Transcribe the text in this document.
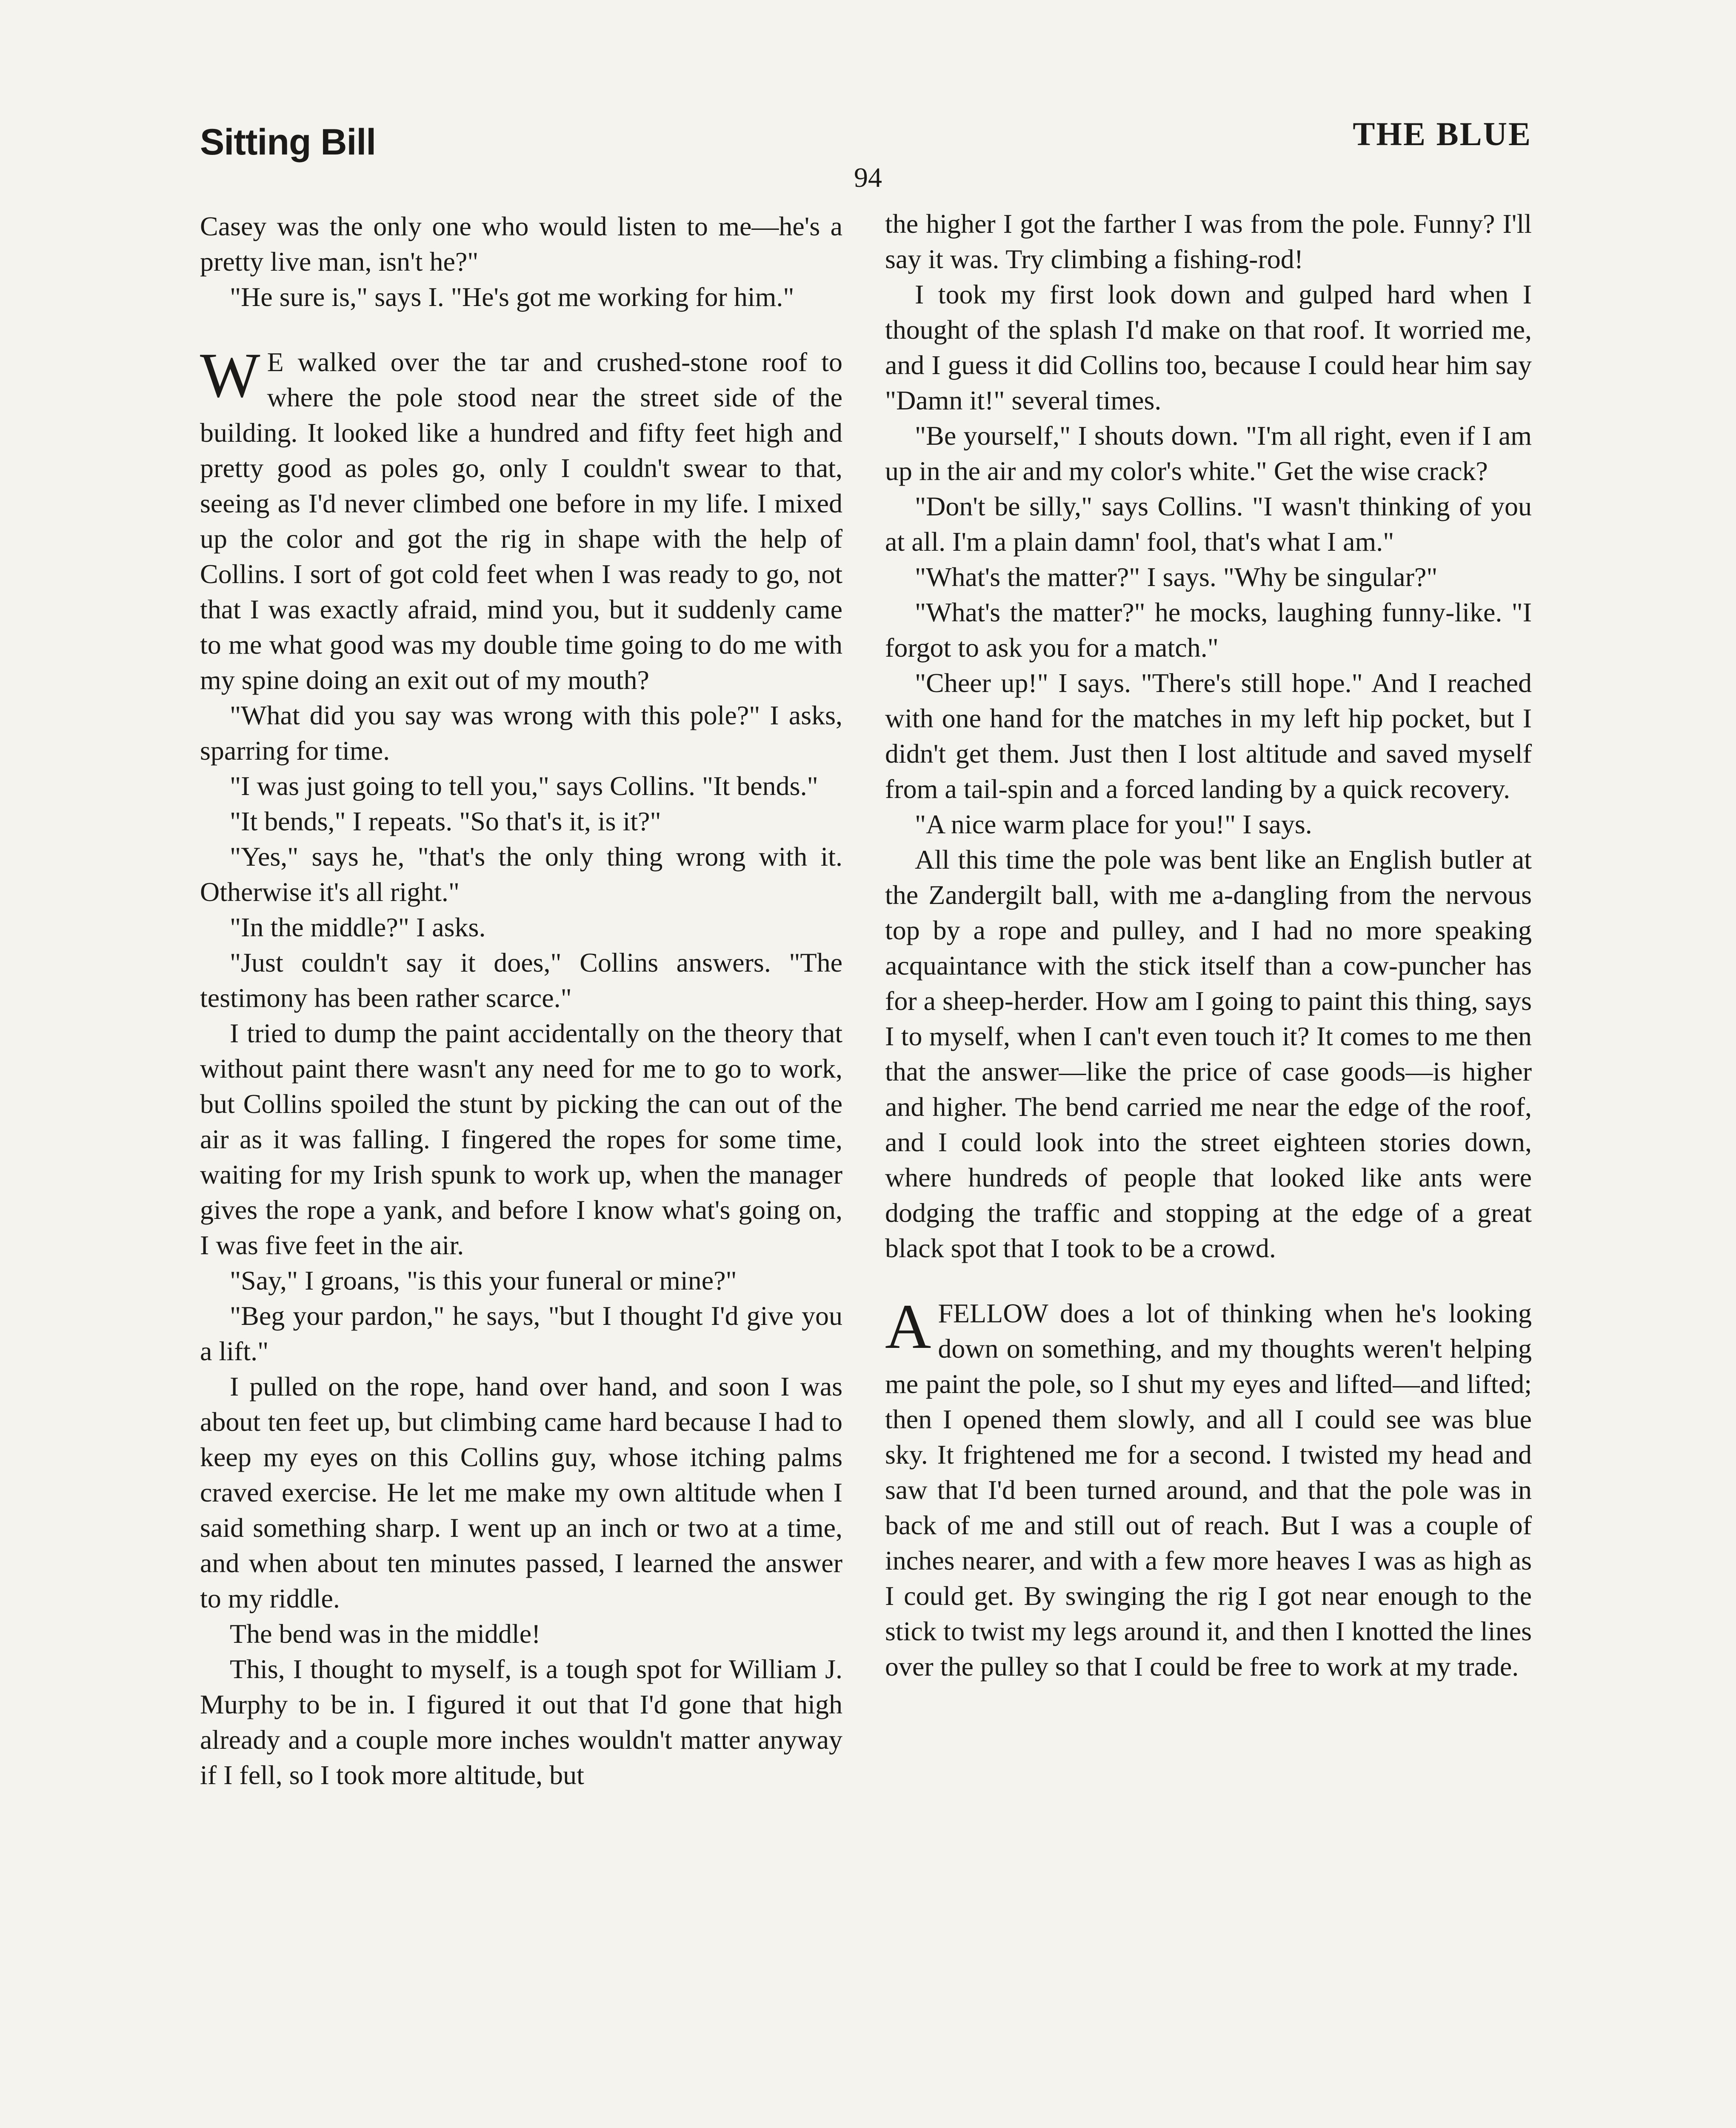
Sitting Bill	THE BLUE
94

Casey was the only one who would listen to me—he's a pretty live man, isn't he?"

"He sure is," says I. "He's got me working for him."

W E walked over the tar and crushed-stone roof to where the pole stood near the street side of the building. It looked like a hundred and fifty feet high and pretty good as poles go, only I couldn't swear to that, seeing as I'd never climbed one before in my life. I mixed up the color and got the rig in shape with the help of Collins. I sort of got cold feet when I was ready to go, not that I was exactly afraid, mind you, but it suddenly came to me what good was my double time going to do me with my spine doing an exit out of my mouth?

"What did you say was wrong with this pole?" I asks, sparring for time.

"I was just going to tell you," says Collins. "It bends."

"It bends," I repeats. "So that's it, is it?"

"Yes," says he, "that's the only thing wrong with it. Otherwise it's all right."

"In the middle?" I asks.

"Just couldn't say it does," Collins answers. "The testimony has been rather scarce."

I tried to dump the paint accidentally on the theory that without paint there wasn't any need for me to go to work, but Collins spoiled the stunt by picking the can out of the air as it was falling. I fingered the ropes for some time, waiting for my Irish spunk to work up, when the manager gives the rope a yank, and before I know what's going on, I was five feet in the air.

"Say," I groans, "is this your funeral or mine?"

"Beg your pardon," he says, "but I thought I'd give you a lift."

I pulled on the rope, hand over hand, and soon I was about ten feet up, but climbing came hard because I had to keep my eyes on this Collins guy, whose itching palms craved exercise. He let me make my own altitude when I said something sharp. I went up an inch or two at a time, and when about ten minutes passed, I learned the answer to my riddle.

The bend was in the middle!

This, I thought to myself, is a tough spot for William J. Murphy to be in. I figured it out that I'd gone that high already and a couple more inches wouldn't matter anyway if I fell, so I took more altitude, but

the higher I got the farther I was from the pole. Funny? I'll say it was. Try climbing a fishing-rod!

I took my first look down and gulped hard when I thought of the splash I'd make on that roof. It worried me, and I guess it did Collins too, because I could hear him say "Damn it!" several times.

"Be yourself," I shouts down. "I'm all right, even if I am up in the air and my color's white." Get the wise crack?

"Don't be silly," says Collins. "I wasn't thinking of you at all. I'm a plain damn' fool, that's what I am."

"What's the matter?" I says. "Why be singular?"

"What's the matter?" he mocks, laughing funny-like. "I forgot to ask you for a match."

"Cheer up!" I says. "There's still hope." And I reached with one hand for the matches in my left hip pocket, but I didn't get them. Just then I lost altitude and saved myself from a tail-spin and a forced landing by a quick recovery.

"A nice warm place for you!" I says.

All this time the pole was bent like an English butler at the Zandergilt ball, with me a-dangling from the nervous top by a rope and pulley, and I had no more speaking acquaintance with the stick itself than a cow-puncher has for a sheep-herder. How am I going to paint this thing, says I to myself, when I can't even touch it? It comes to me then that the answer—like the price of case goods—is higher and higher. The bend carried me near the edge of the roof, and I could look into the street eighteen stories down, where hundreds of people that looked like ants were dodging the traffic and stopping at the edge of a great black spot that I took to be a crowd.

AFELLOW does a lot of thinking when he's looking down on something, and my thoughts weren't helping me paint the pole, so I shut my eyes and lifted—and lifted; then I opened them slowly, and all I could see was blue sky. It frightened me for a second. I twisted my head and saw that I'd been turned around, and that the pole was in back of me and still out of reach. But I was a couple of inches nearer, and with a few more heaves I was as high as I could get. By swinging the rig I got near enough to the stick to twist my legs around it, and then I knotted the lines over the pulley so that I could be free to work at my trade.
